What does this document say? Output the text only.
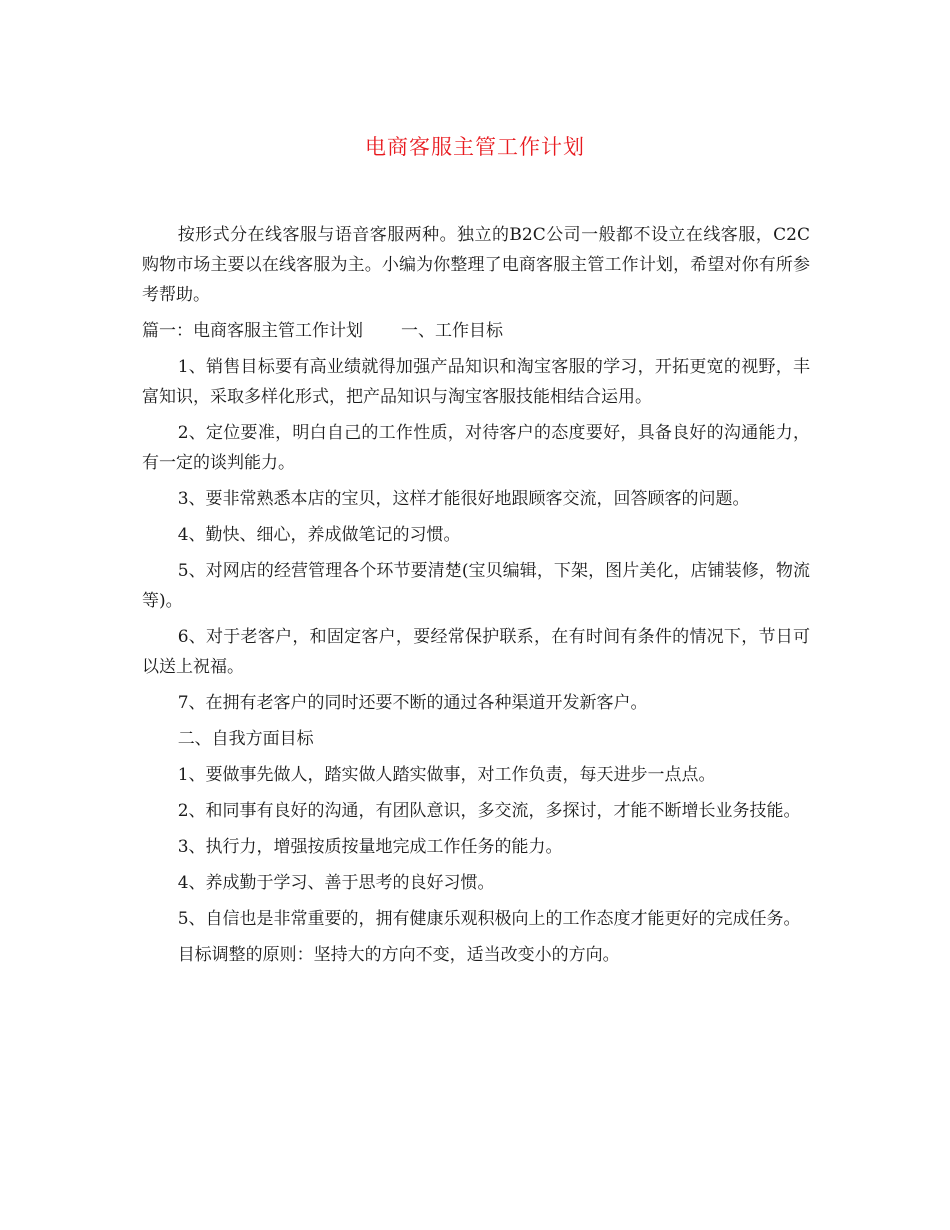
电商客服主管工作计划

按形式分在线客服与语音客服两种。独立的B2C公司一般都不设立在线客服，C2C购物市场主要以在线客服为主。小编为你整理了电商客服主管工作计划，希望对你有所参考帮助。

篇一：电商客服主管工作计划 一、工作目标

1、销售目标要有高业绩就得加强产品知识和淘宝客服的学习，开拓更宽的视野，丰富知识，采取多样化形式，把产品知识与淘宝客服技能相结合运用。

2、定位要准，明白自己的工作性质，对待客户的态度要好，具备良好的沟通能力，有一定的谈判能力。

3、要非常熟悉本店的宝贝，这样才能很好地跟顾客交流，回答顾客的问题。

4、勤快、细心，养成做笔记的习惯。

5、对网店的经营管理各个环节要清楚(宝贝编辑，下架，图片美化，店铺装修，物流等)。

6、对于老客户，和固定客户，要经常保护联系，在有时间有条件的情况下，节日可以送上祝福。

7、在拥有老客户的同时还要不断的通过各种渠道开发新客户。

二、自我方面目标

1、要做事先做人，踏实做人踏实做事，对工作负责，每天进步一点点。

2、和同事有良好的沟通，有团队意识，多交流，多探讨，才能不断增长业务技能。

3、执行力，增强按质按量地完成工作任务的能力。

4、养成勤于学习、善于思考的良好习惯。

5、自信也是非常重要的，拥有健康乐观积极向上的工作态度才能更好的完成任务。

目标调整的原则：坚持大的方向不变，适当改变小的方向。
